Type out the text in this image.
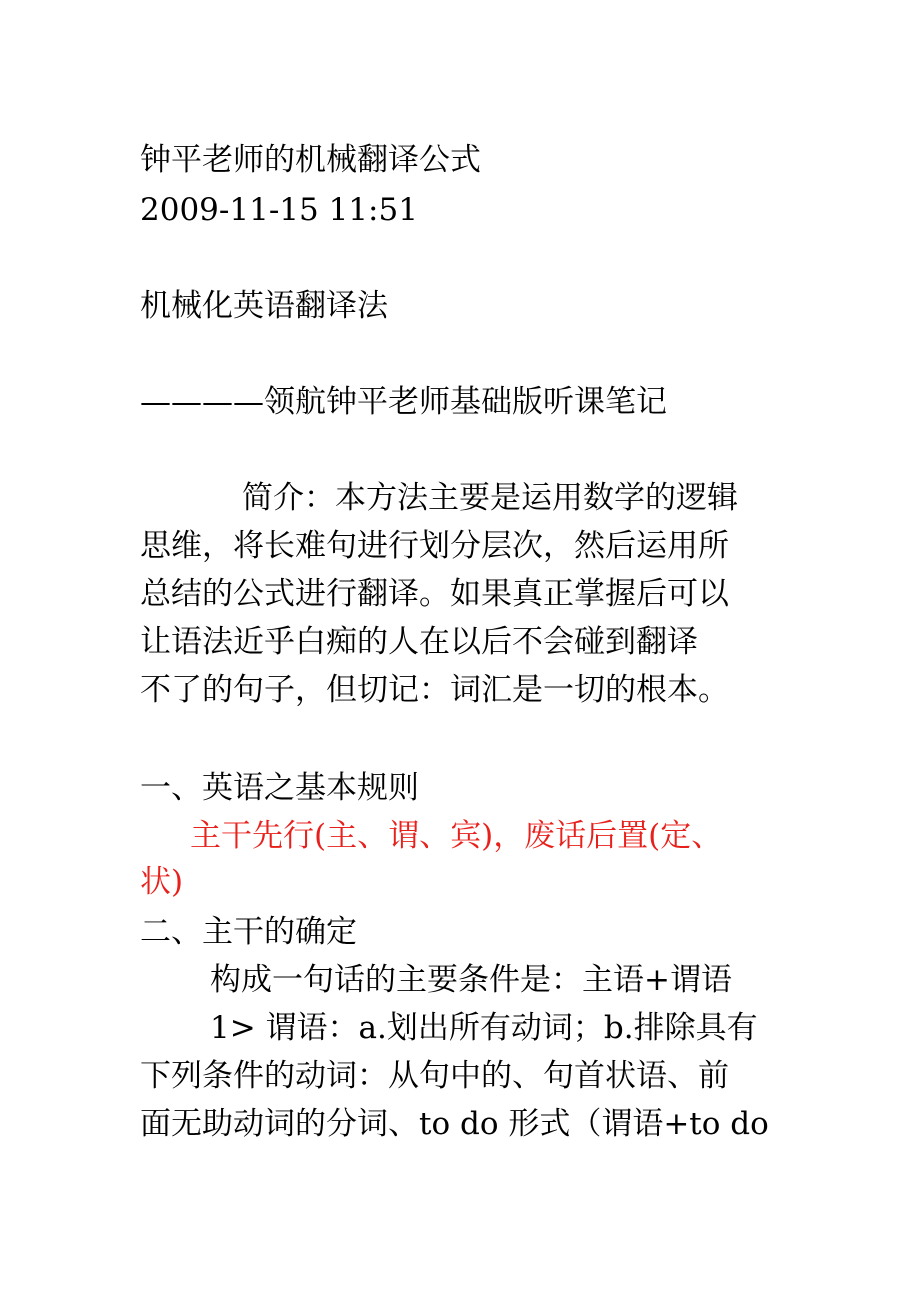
钟平老师的机械翻译公式
2009-11-15 11:51
机械化英语翻译法
————领航钟平老师基础版听课笔记
简介：本方法主要是运用数学的逻辑
思维，将长难句进行划分层次，然后运用所
总结的公式进行翻译。如果真正掌握后可以
让语法近乎白痴的人在以后不会碰到翻译
不了的句子，但切记：词汇是一切的根本。
一、英语之基本规则
主干先行(主、谓、宾)，废话后置(定、
状)
二、主干的确定
构成一句话的主要条件是：主语+谓语
1> 谓语：a.划出所有动词；b.排除具有
下列条件的动词：从句中的、句首状语、前
面无助动词的分词、to do 形式（谓语+to do
